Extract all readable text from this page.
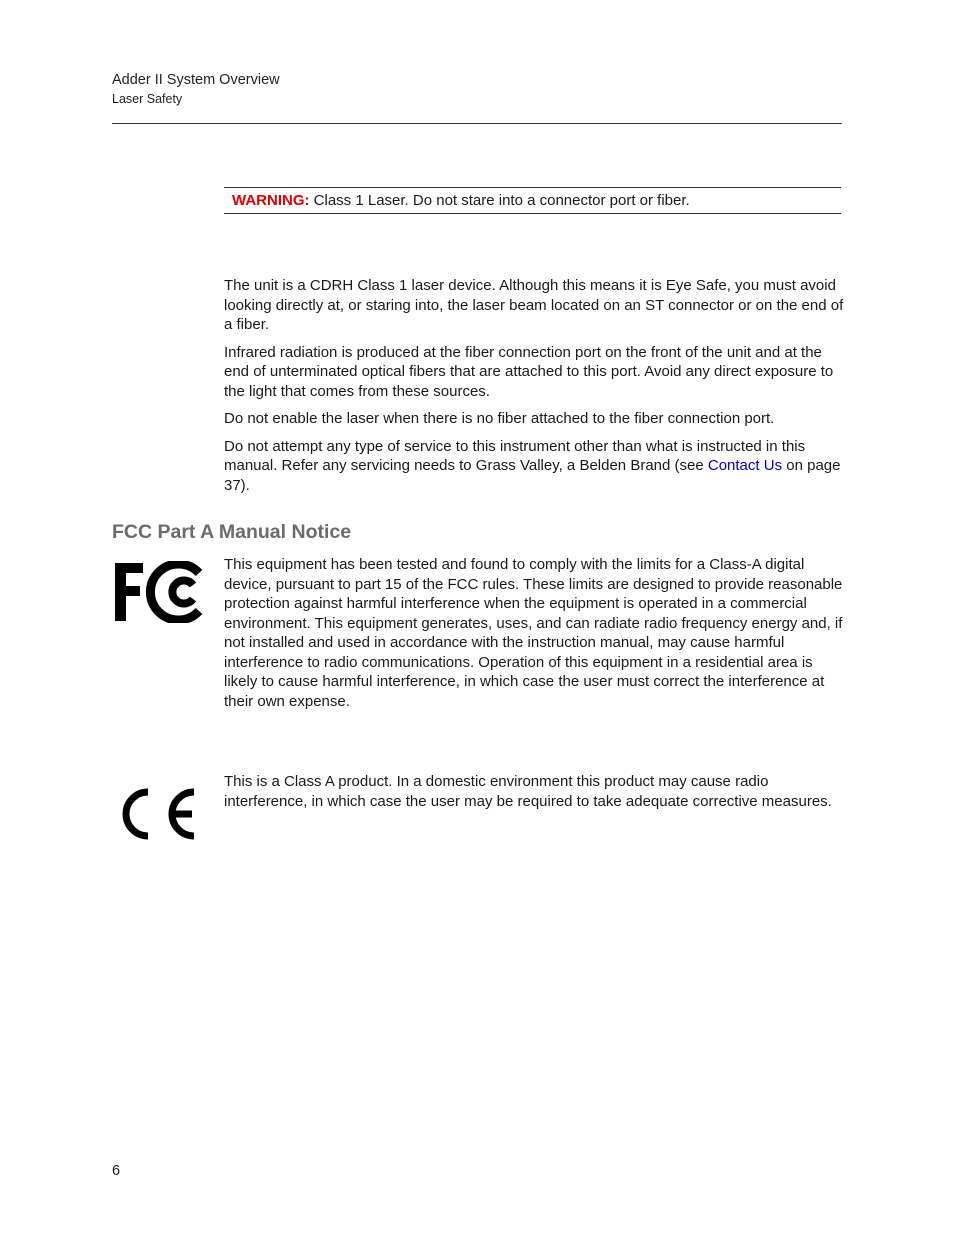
Adder II System Overview
Laser Safety
WARNING: Class 1 Laser. Do not stare into a connector port or fiber.

The unit is a CDRH Class 1 laser device. Although this means it is Eye Safe, you must avoid looking directly at, or staring into, the laser beam located on an ST connector or on the end of a fiber.

Infrared radiation is produced at the fiber connection port on the front of the unit and at the end of unterminated optical fibers that are attached to this port. Avoid any direct exposure to the light that comes from these sources.

Do not enable the laser when there is no fiber attached to the fiber connection port.

Do not attempt any type of service to this instrument other than what is instructed in this manual. Refer any servicing needs to Grass Valley, a Belden Brand (see Contact Us on page 37).

FCC Part A Manual Notice

This equipment has been tested and found to comply with the limits for a Class-A digital device, pursuant to part 15 of the FCC rules. These limits are designed to provide reasonable protection against harmful interference when the equipment is operated in a commercial environment. This equipment generates, uses, and can radiate radio frequency energy and, if not installed and used in accordance with the instruction manual, may cause harmful interference to radio communications. Operation of this equipment in a residential area is likely to cause harmful interference, in which case the user must correct the interference at their own expense.

This is a Class A product. In a domestic environment this product may cause radio interference, in which case the user may be required to take adequate corrective measures.

6
